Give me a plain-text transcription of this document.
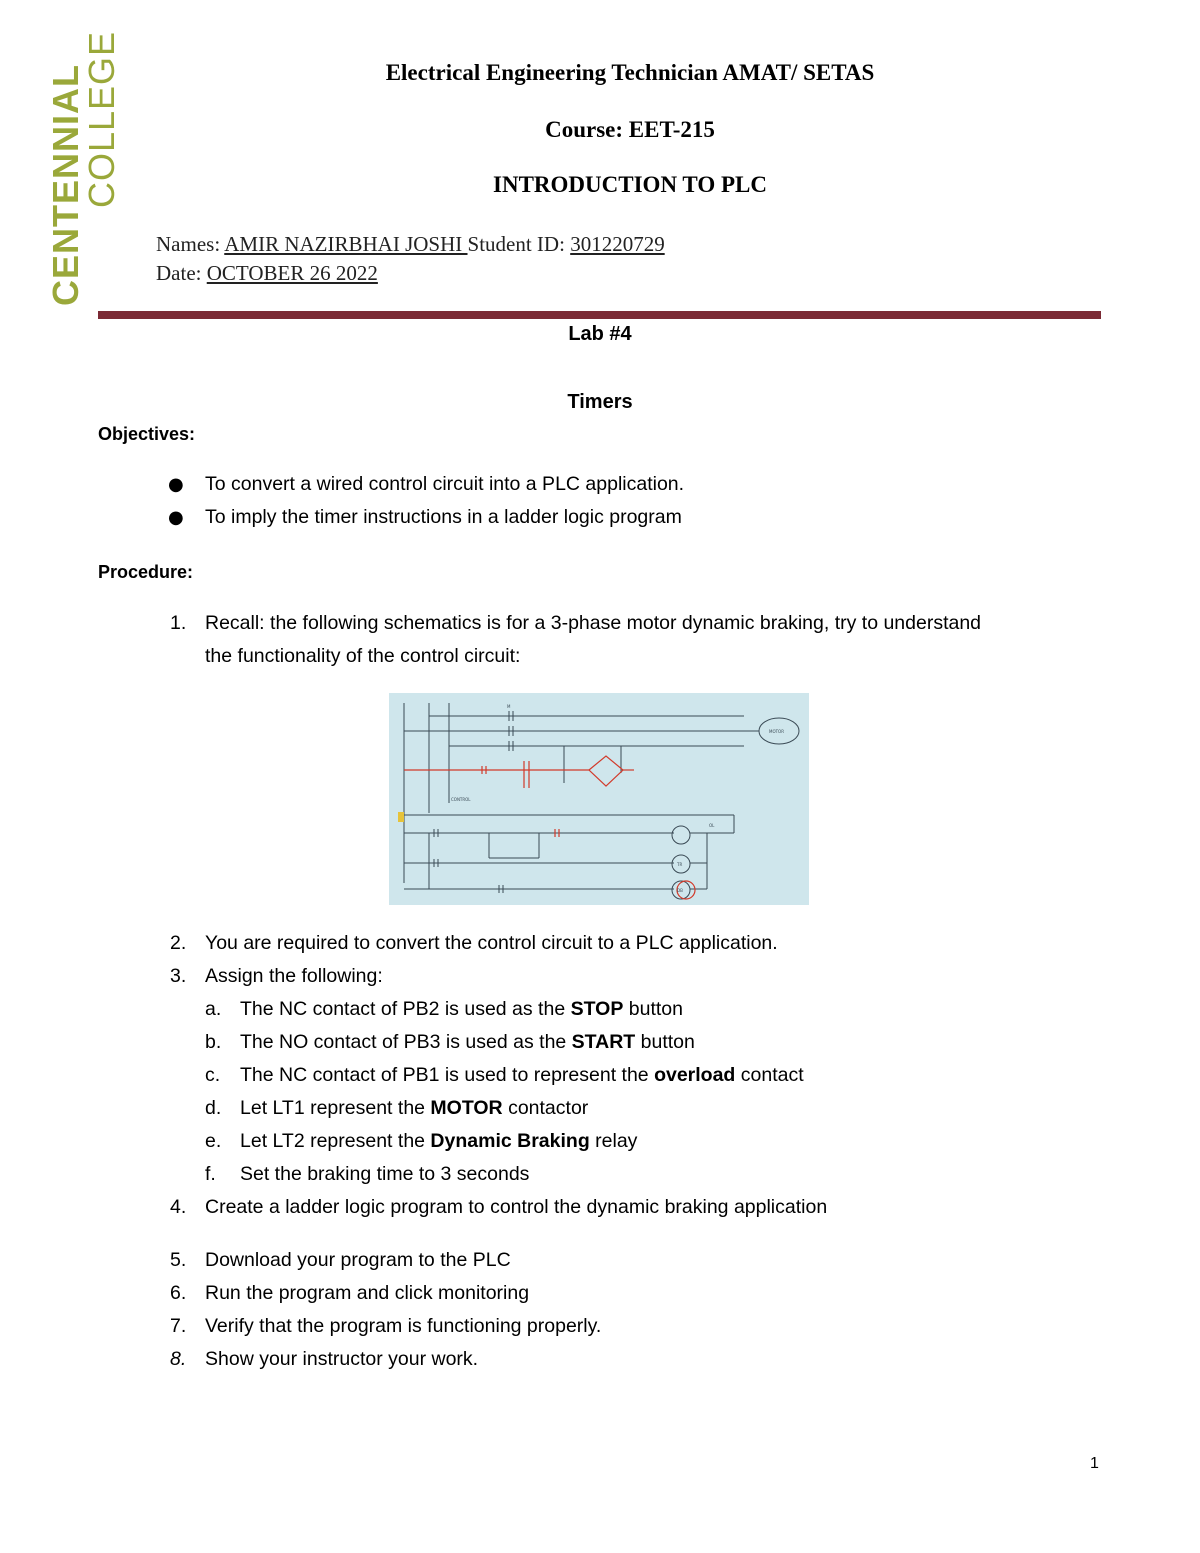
CENTENNIAL
COLLEGE	Electrical Engineering Technician AMAT/ SETAS
Course: EET-215
INTRODUCTION TO PLC
Names: AMIR NAZIRBHAI JOSHI Student ID: 301220729
Date: OCTOBER 26 2022
Lab #4
Timers
Objectives:
● To convert a wired control circuit into a PLC application.
● To imply the timer instructions in a ladder logic program
Procedure:
1. Recall: the following schematics is for a 3-phase motor dynamic braking, try to understand
the functionality of the control circuit:
MOTOR
CONTROL
OL
M
DB
TR
2. You are required to convert the control circuit to a PLC application.
3. Assign the following:
a. The NC contact of PB2 is used as the STOP button
b. The NO contact of PB3 is used as the START button
c. The NC contact of PB1 is used to represent the overload contact
d. Let LT1 represent the MOTOR contactor
e. Let LT2 represent the Dynamic Braking relay
f. Set the braking time to 3 seconds
4. Create a ladder logic program to control the dynamic braking application
5. Download your program to the PLC
6. Run the program and click monitoring
7. Verify that the program is functioning properly.
8. Show your instructor your work.
1
